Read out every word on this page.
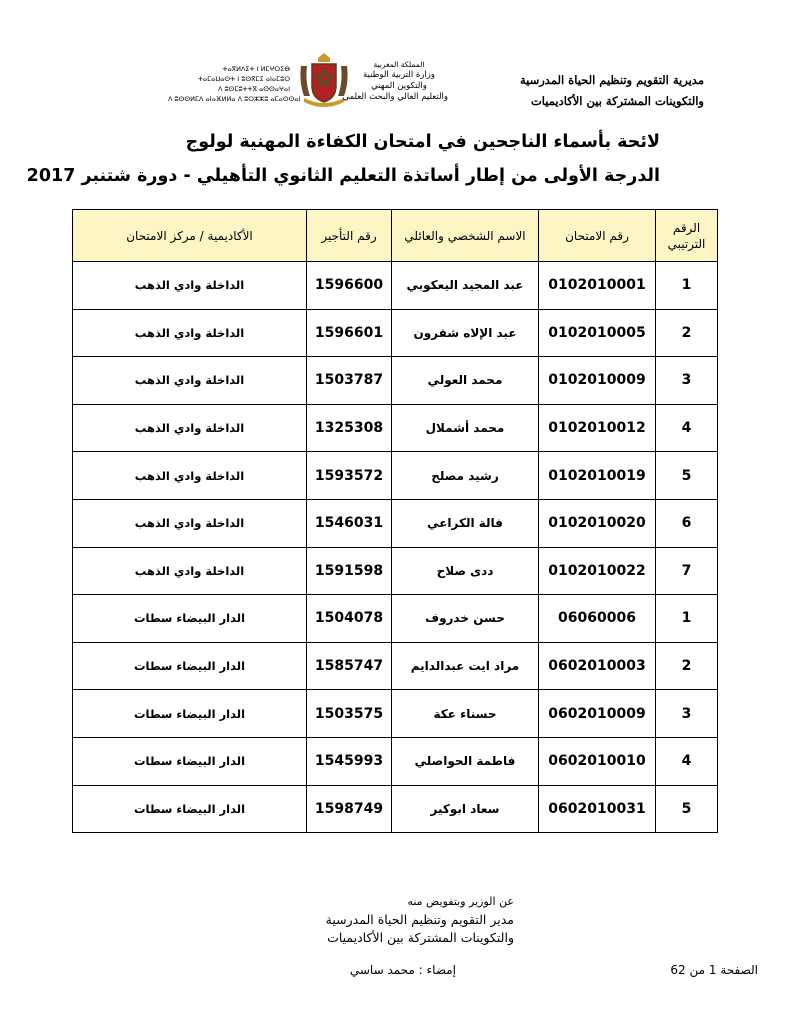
ⵜⴰⴳⵍⴷⵉⵜ ⵏ ⵍⵎⵖⵔⵉⴱ
ⵜⴰⵎⴰⵡⴰⵙⵜ ⵏ ⵓⵙⴳⵎⵉ ⴰⵏⴰⵎⵓⵔ
ⴷ ⵓⵙⵎⵓⵜⵜⴳ ⴰⵙⵙⴰⵖⴰⵏ
ⴷ ⵓⵙⵙⵍⵎⴷ ⴰⵏⴰⴼⵍⵍⴰ ⴷ ⵓⵔⵣⵣⵓ ⴰⵎⴰⵙⵙⴰⵏ
المملكة المغربية
وزارة التربية الوطنية
والتكوين المهني
والتعليم العالي والبحث العلمي
مديرية التقويم وتنظيم الحياة المدرسية
والتكوينات المشتركة بين الأكاديميات
لائحة بأسماء الناجحين في امتحان الكفاءة المهنية لولوج
الدرجة الأولى من إطار أساتذة التعليم الثانوي التأهيلي - دورة شتنبر 2017
الرقم الترتيبي	رقم الامتحان	الاسم الشخصي والعائلي	رقم التأجير	الأكاديمية / مركز الامتحان
1	0102010001	عبد المجيد اليعكوبي	1596600	الداخلة وادي الذهب
2	0102010005	عبد الإلاه شقرون	1596601	الداخلة وادي الذهب
3	0102010009	محمد العولي	1503787	الداخلة وادي الذهب
4	0102010012	محمد أشملال	1325308	الداخلة وادي الذهب
5	0102010019	رشيد مصلح	1593572	الداخلة وادي الذهب
6	0102010020	فالة الكراعي	1546031	الداخلة وادي الذهب
7	0102010022	ددى صلاح	1591598	الداخلة وادي الذهب
1	06060006	حسن خدروف	1504078	الدار البيضاء سطات
2	0602010003	مراد ايت عبدالدايم	1585747	الدار البيضاء سطات
3	0602010009	حسناء عكة	1503575	الدار البيضاء سطات
4	0602010010	فاطمة الحواصلي	1545993	الدار البيضاء سطات
5	0602010031	سعاد ابوكير	1598749	الدار البيضاء سطات
عن الوزير وبتفويض منه
مدير التقويم وتنظيم الحياة المدرسية
والتكوينات المشتركة بين الأكاديميات
إمضاء : محمد ساسي	الصفحة 1 من 62
